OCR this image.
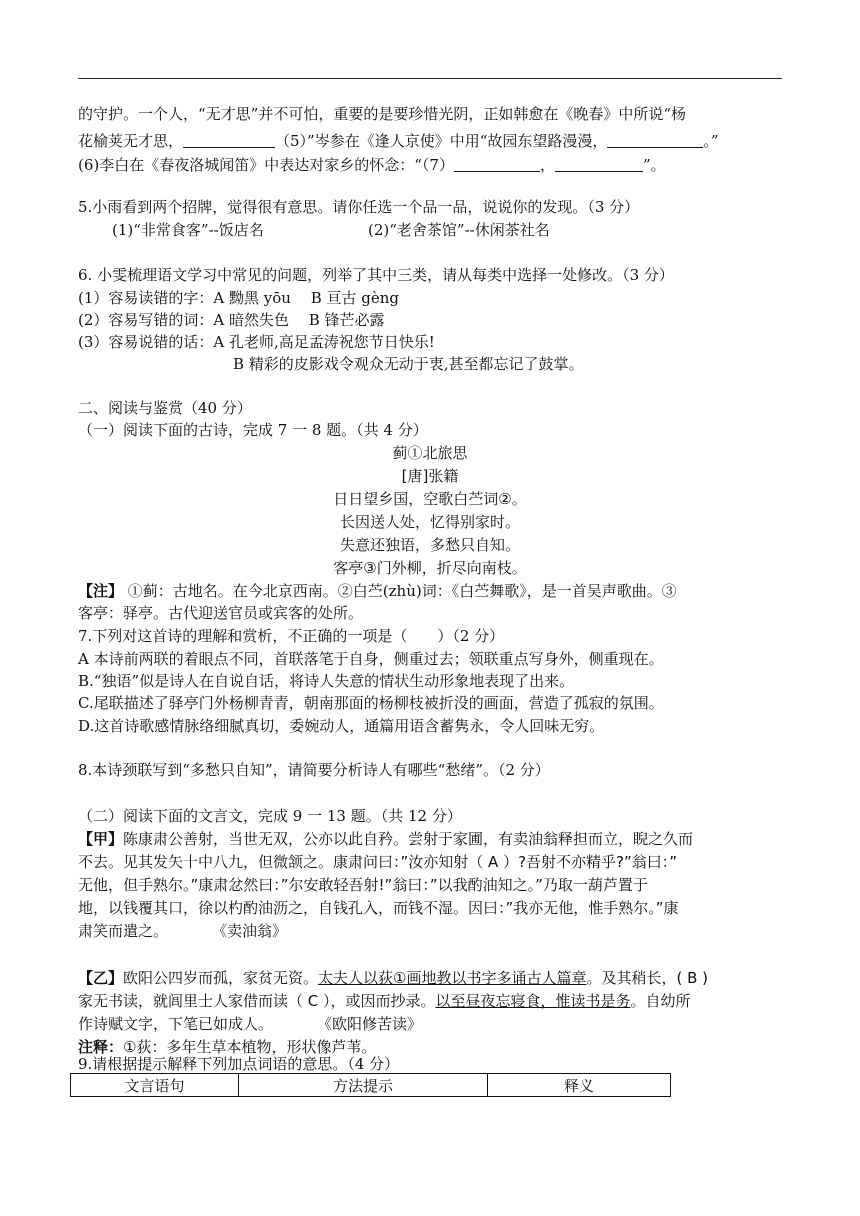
的守护。一个人，“无才思”并不可怕，重要的是要珍惜光阴，正如韩愈在《晚春》中所说“杨
花榆荚无才思，	（5）”岑参在《逢人京使》中用“故园东望路漫漫，	。”
(6)李白在《春夜洛城闻笛》中表达对家乡的怀念：“（7）	，	”。
5.小雨看到两个招牌，觉得很有意思。请你任选一个品一品，说说你的发现。（3 分）
(1)“非常食客”--饭店名	(2)“老舍茶馆”--休闲茶社名
6. 小雯梳理语文学习中常见的问题，列举了其中三类，请从每类中选择一处修改。（3 分）
(1）容易读错的字：A 黝黑 yōu　 B 亘古 gèng
(2）容易写错的词：A 暗然失色　 B 锋芒必露
(3）容易说错的话：A 孔老师,高足孟涛祝您节日快乐!
B 精彩的皮影戏令观众无动于衷,甚至都忘记了鼓掌。
二、阅读与鉴赏（40 分）
（一）阅读下面的古诗，完成 7 一 8 题。（共 4 分）
蓟①北旅思
[唐]张籍
日日望乡国，空歌白苎词②。
长因送人处，忆得别家时。
失意还独语，多愁只自知。
客亭③门外柳，折尽向南枝。
【注】 ①蓟：古地名。在今北京西南。②白苎(zhù)词：《白苎舞歌》，是一首吴声歌曲。③
客亭：驿亭。古代迎送官员或宾客的处所。
7.下列对这首诗的理解和赏析，不正确的一项是（　　）（2 分）
A 本诗前两联的着眼点不同，首联落笔于自身，侧重过去；领联重点写身外，侧重现在。
B.“独语”似是诗人在自说自话，将诗人失意的情状生动形象地表现了出来。
C.尾联描述了驿亭门外杨柳青青，朝南那面的杨柳枝被折没的画面，营造了孤寂的氛围。
D.这首诗歌感情脉络细腻真切，委婉动人，通篇用语含蓄隽永，令人回味无穷。
8.本诗颈联写到“多愁只自知”，请简要分析诗人有哪些“愁绪”。（2 分）
（二）阅读下面的文言文，完成 9 一 13 题。（共 12 分）
【甲】陈康肃公善射，当世无双，公亦以此自矜。尝射于家圃，有卖油翁释担而立，睨之久而
不去。见其发矢十中八九，但微颔之。康肃问曰：”汝亦知射（ A ）?吾射不亦精乎?”翁曰：”
无他，但手熟尔。”康肃忿然曰：”尔安敢轻吾射!”翁曰：”以我酌油知之。”乃取一葫芦置于
地，以钱覆其口，徐以杓酌油沥之，自钱孔入，而钱不湿。因曰：”我亦无他，惟手熟尔。”康
肃笑而遣之。	《卖油翁》
【乙】欧阳公四岁而孤，家贫无资。太夫人以荻①画地教以书字多诵古人篇章。及其稍长，( B )
家无书读，就闾里士人家借而读（ C ），或因而抄录。以至昼夜忘寝食，惟读书是务。自幼所
作诗赋文字，下笔已如成人。	《欧阳修苦读》
注释：①荻：多年生草本植物，形状像芦苇。
9.请根据提示解释下列加点词语的意思。（4 分）
文言语句	方法提示	释义
